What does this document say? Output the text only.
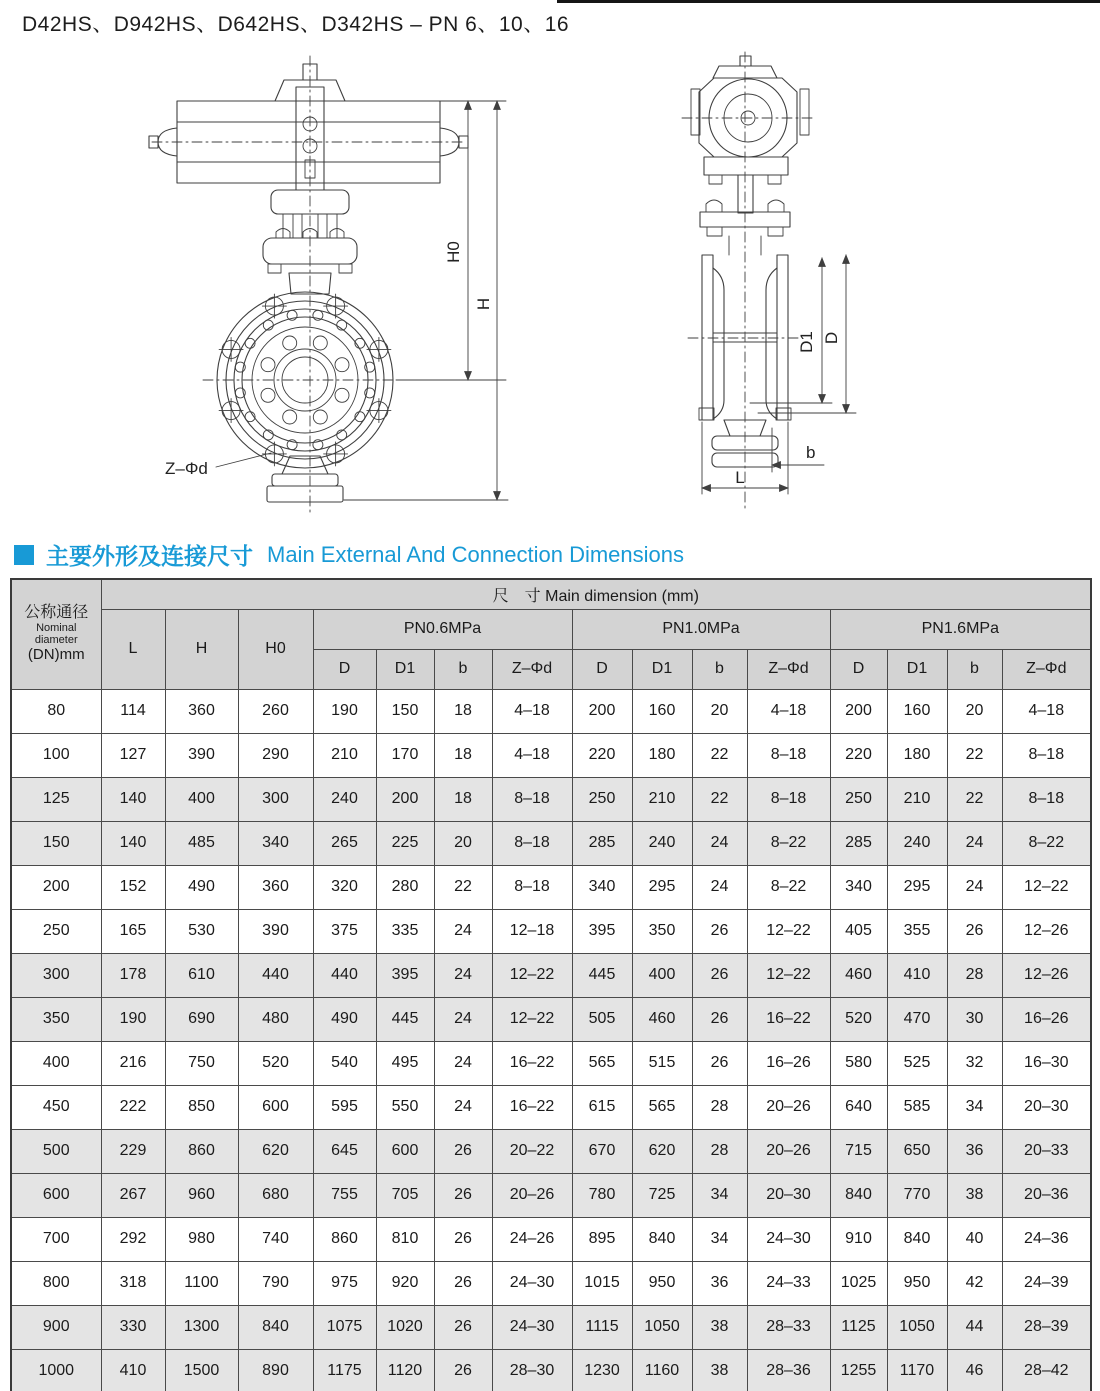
D42HS、D942HS、D642HS、D342HS – PN 6、10、16
Z–Φd
H0
H
D1 D
b
L
主要外形及连接尺寸 Main External And Connection Dimensions
公称通径
Nominal
diameter
(DN)mm	尺　寸 Main dimension (mm)														
	L	H	H0	PN0.6MPa				PN1.0MPa				PN1.6MPa			
				D	D1	b	Z–Φd	D	D1	b	Z–Φd	D	D1	b	Z–Φd
80	114	360	260	190	150	18	4–18	200	160	20	4–18	200	160	20	4–18
100	127	390	290	210	170	18	4–18	220	180	22	8–18	220	180	22	8–18
125	140	400	300	240	200	18	8–18	250	210	22	8–18	250	210	22	8–18
150	140	485	340	265	225	20	8–18	285	240	24	8–22	285	240	24	8–22
200	152	490	360	320	280	22	8–18	340	295	24	8–22	340	295	24	12–22
250	165	530	390	375	335	24	12–18	395	350	26	12–22	405	355	26	12–26
300	178	610	440	440	395	24	12–22	445	400	26	12–22	460	410	28	12–26
350	190	690	480	490	445	24	12–22	505	460	26	16–22	520	470	30	16–26
400	216	750	520	540	495	24	16–22	565	515	26	16–26	580	525	32	16–30
450	222	850	600	595	550	24	16–22	615	565	28	20–26	640	585	34	20–30
500	229	860	620	645	600	26	20–22	670	620	28	20–26	715	650	36	20–33
600	267	960	680	755	705	26	20–26	780	725	34	20–30	840	770	38	20–36
700	292	980	740	860	810	26	24–26	895	840	34	24–30	910	840	40	24–36
800	318	1100	790	975	920	26	24–30	1015	950	36	24–33	1025	950	42	24–39
900	330	1300	840	1075	1020	26	24–30	1115	1050	38	28–33	1125	1050	44	28–39
1000	410	1500	890	1175	1120	26	28–30	1230	1160	38	28–36	1255	1170	46	28–42
